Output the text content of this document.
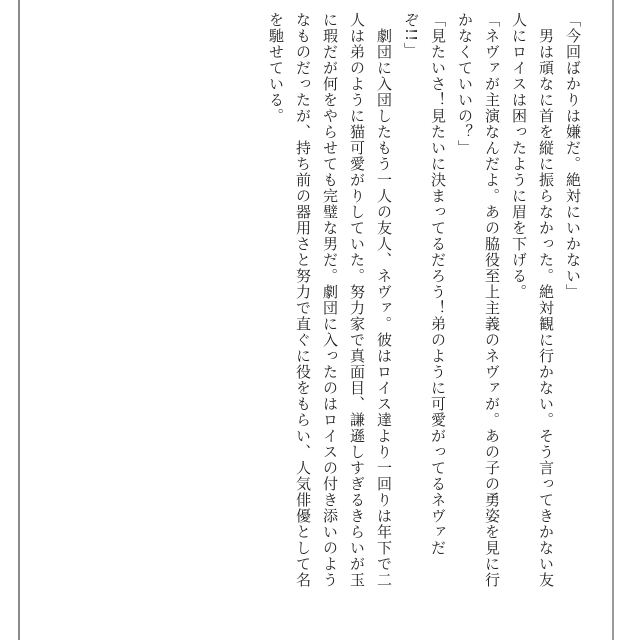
「今回ばかりは嫌だ。絶対にいかない」
　男は頑なに首を縦に振らなかった。絶対観に行かない。そう言ってきかない友
人にロイスは困ったように眉を下げる。
「ネヴァが主演なんだよ。あの脇役至上主義のネヴァが。あの子の勇姿を見に行
かなくていいの？」
「見たいさ！見たいに決まってるだろう！弟のように可愛がってるネヴァだ
ぞ!!」
　劇団に入団したもう一人の友人、ネヴァ。彼はロイス達より一回りは年下で二
人は弟のように猫可愛がりしていた。努力家で真面目、謙遜しすぎるきらいが玉
に瑕だが何をやらせても完璧な男だ。劇団に入ったのはロイスの付き添いのよう
なものだったが、持ち前の器用さと努力で直ぐに役をもらい、人気俳優として名
を馳せている。
